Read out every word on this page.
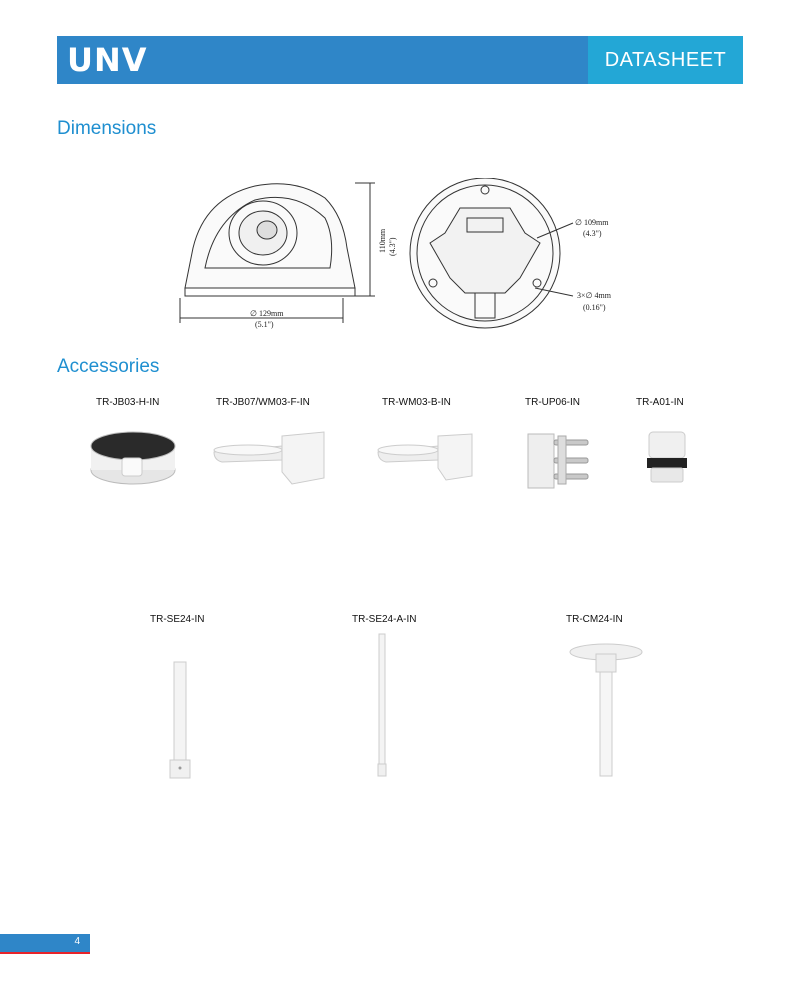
UNV	DATASHEET
Dimensions
∅ 129mm
(5.1")
110mm (4.3")
∅ 109mm
(4.3")
3×∅ 4mm
(0.16")
Accessories
TR-JB03-H-IN	TR-JB07/WM03-F-IN	TR-WM03-B-IN	TR-UP06-IN	TR-A01-IN
TR-SE24-IN	TR-SE24-A-IN	TR-CM24-IN
4
